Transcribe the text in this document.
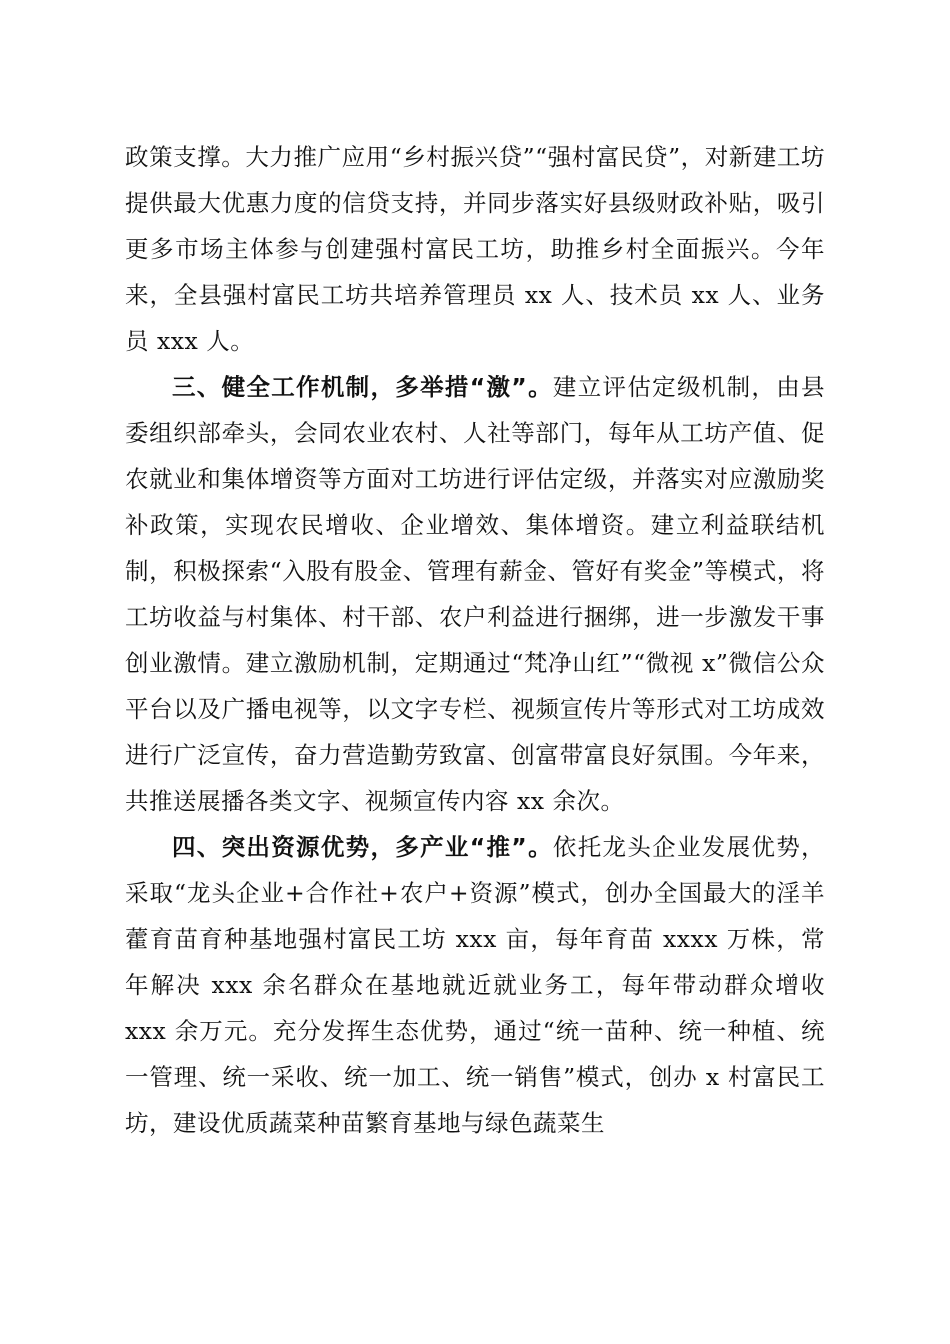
政策支撑。大力推广应用“乡村振兴贷”“强村富民贷”，对新建工坊提供最大优惠力度的信贷支持，并同步落实好县级财政补贴，吸引更多市场主体参与创建强村富民工坊，助推乡村全面振兴。今年来，全县强村富民工坊共培养管理员 xx 人、技术员 xx 人、业务员 xxx 人。

三、健全工作机制，多举措“激”。建立评估定级机制，由县委组织部牵头，会同农业农村、人社等部门，每年从工坊产值、促农就业和集体增资等方面对工坊进行评估定级，并落实对应激励奖补政策，实现农民增收、企业增效、集体增资。建立利益联结机制，积极探索“入股有股金、管理有薪金、管好有奖金”等模式，将工坊收益与村集体、村干部、农户利益进行捆绑，进一步激发干事创业激情。建立激励机制，定期通过“梵净山红”“微视 x”微信公众平台以及广播电视等，以文字专栏、视频宣传片等形式对工坊成效进行广泛宣传，奋力营造勤劳致富、创富带富良好氛围。今年来，共推送展播各类文字、视频宣传内容 xx 余次。

四、突出资源优势，多产业“推”。依托龙头企业发展优势，采取“龙头企业+合作社+农户+资源”模式，创办全国最大的淫羊藿育苗育种基地强村富民工坊 xxx 亩，每年育苗 xxxx 万株，常年解决 xxx 余名群众在基地就近就业务工，每年带动群众增收 xxx 余万元。充分发挥生态优势，通过“统一苗种、统一种植、统一管理、统一采收、统一加工、统一销售”模式，创办 x 村富民工坊，建设优质蔬菜种苗繁育基地与绿色蔬菜生
